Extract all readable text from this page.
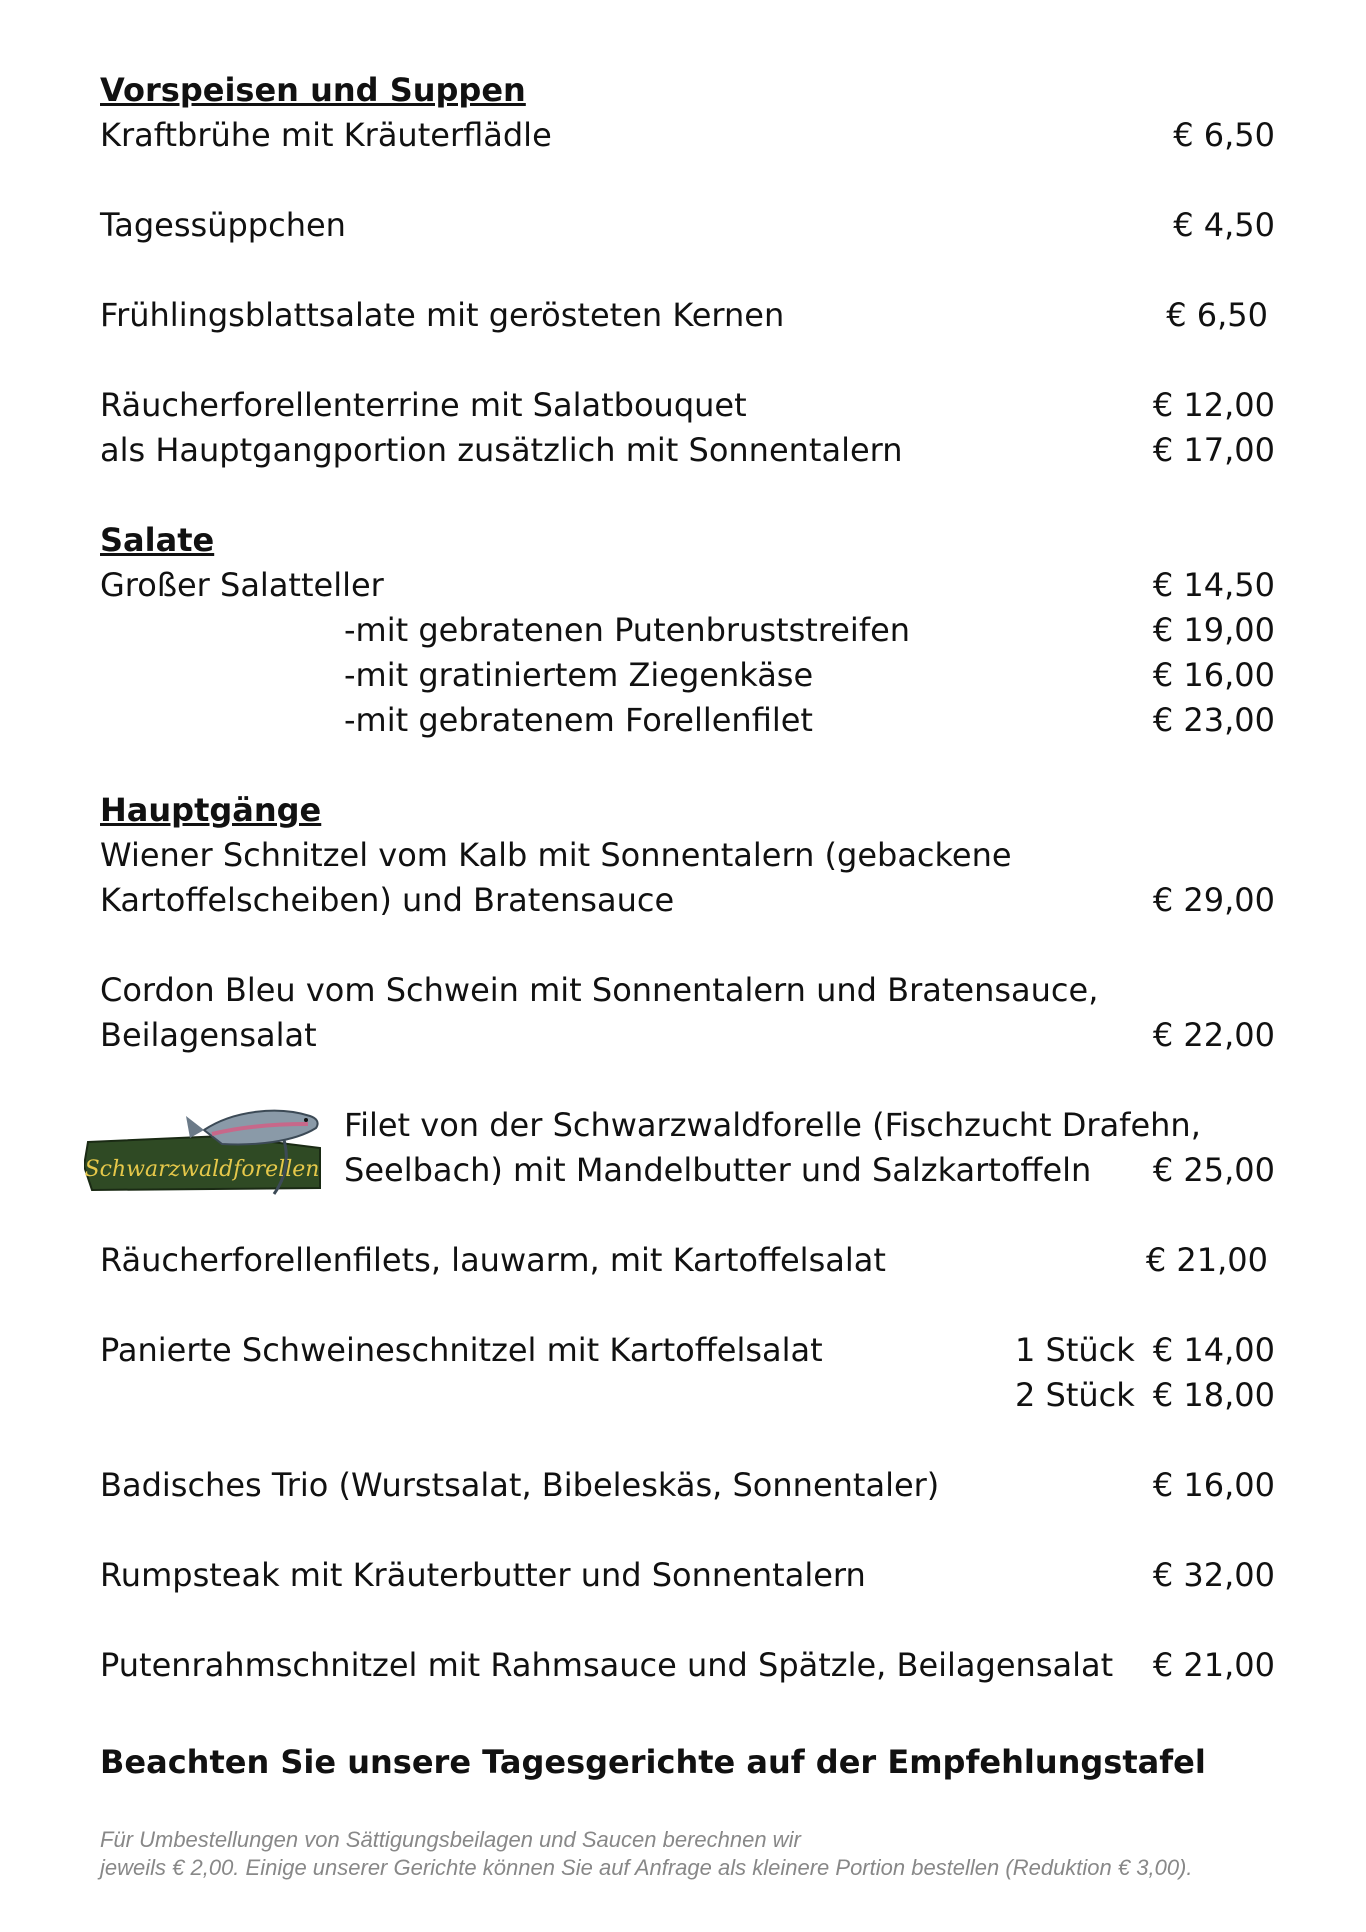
Vorspeisen und Suppen
Kraftbrühe mit Kräuterflädle	€ 6,50
Tagessüppchen	€ 4,50
Frühlingsblattsalate mit gerösteten Kernen	€ 6,50
Räucherforellenterrine mit Salatbouquet	€ 12,00
als Hauptgangportion zusätzlich mit Sonnentalern	€ 17,00
Salate
Großer Salatteller	€ 14,50
-mit gebratenen Putenbruststreifen	€ 19,00
-mit gratiniertem Ziegenkäse	€ 16,00
-mit gebratenem Forellenfilet	€ 23,00
Hauptgänge
Wiener Schnitzel vom Kalb mit Sonnentalern (gebackene
Kartoffelscheiben) und Bratensauce	€ 29,00
Cordon Bleu vom Schwein mit Sonnentalern und Bratensauce,
Beilagensalat	€ 22,00
Schwarzwaldforellen
Filet von der Schwarzwaldforelle (Fischzucht Drafehn,
Seelbach) mit Mandelbutter und Salzkartoffeln	€ 25,00
Räucherforellenfilets, lauwarm, mit Kartoffelsalat	€ 21,00
Panierte Schweineschnitzel mit Kartoffelsalat	1 Stück € 14,00
2 Stück € 18,00
Badisches Trio (Wurstsalat, Bibeleskäs, Sonnentaler)	€ 16,00
Rumpsteak mit Kräuterbutter und Sonnentalern	€ 32,00
Putenrahmschnitzel mit Rahmsauce und Spätzle, Beilagensalat	€ 21,00
Beachten Sie unsere Tagesgerichte auf der Empfehlungstafel
Für Umbestellungen von Sättigungsbeilagen und Saucen berechnen wir
jeweils € 2,00. Einige unserer Gerichte können Sie auf Anfrage als kleinere Portion bestellen (Reduktion € 3,00).
